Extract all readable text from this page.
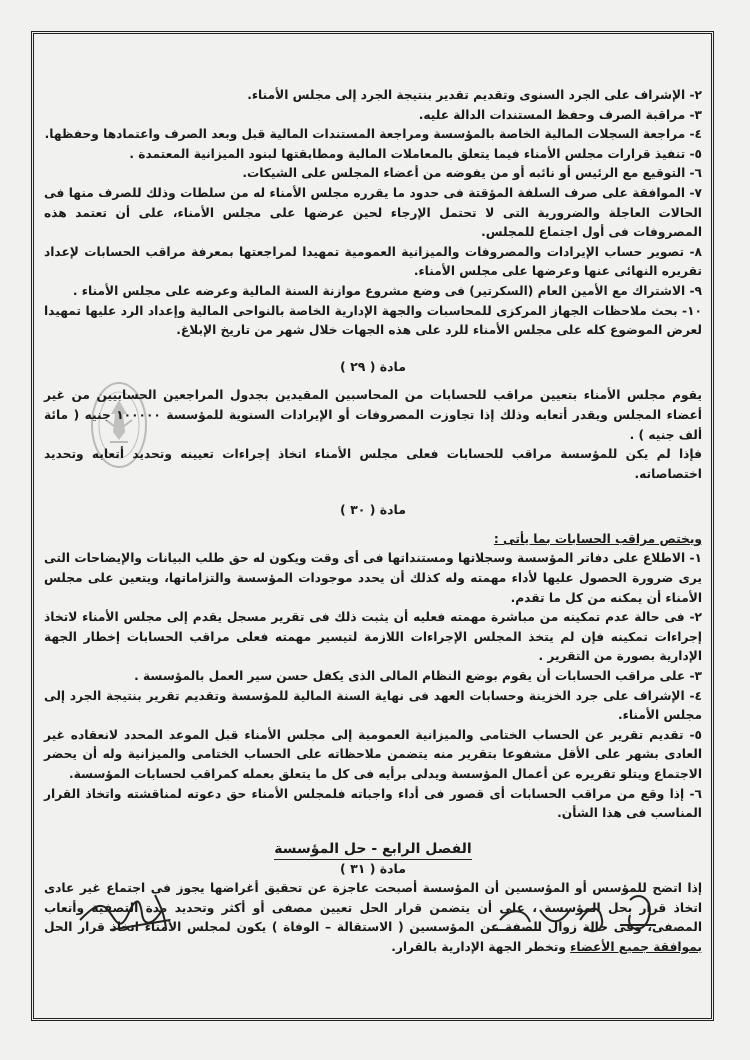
٢- الإشراف على الجرد السنوى وتقديم تقدير بنتيجة الجرد إلى مجلس الأمناء.

٣- مراقبة الصرف وحفظ المستندات الدالة عليه.

٤- مراجعة السجلات المالية الخاصة بالمؤسسة ومراجعة المستندات المالية قبل وبعد الصرف واعتمادها وحفظها.

٥- تنفيذ قرارات مجلس الأمناء فيما يتعلق بالمعاملات المالية ومطابقتها لبنود الميزانية المعتمدة .

٦- التوقيع مع الرئيس أو نائبه أو من يفوضه من أعضاء المجلس على الشيكات.

٧- الموافقة على صرف السلفة المؤقتة فى حدود ما يقرره مجلس الأمناء له من سلطات وذلك للصرف منها فى الحالات العاجلة والضرورية التى لا تحتمل الإرجاء لحين عرضها على مجلس الأمناء، على أن تعتمد هذه المصروفات فى أول اجتماع للمجلس.

٨- تصوير حساب الإيرادات والمصروفات والميزانية العمومية تمهيدا لمراجعتها بمعرفة مراقب الحسابات لإعداد تقريره النهائى عنها وعرضها على مجلس الأمناء.

٩- الاشتراك مع الأمين العام (السكرتير) فى وضع مشروع موازنة السنة المالية وعرضه على مجلس الأمناء .

١٠- بحث ملاحظات الجهاز المركزى للمحاسبات والجهة الإدارية الخاصة بالنواحى المالية وإعداد الرد عليها تمهيدا لعرض الموضوع كله على مجلس الأمناء للرد على هذه الجهات خلال شهر من تاريخ الإبلاغ.

مادة ( ٢٩ )

يقوم مجلس الأمناء بتعيين مراقب للحسابات من المحاسبين المقيدين بجدول المراجعين الحسابيين من غير أعضاء المجلس ويقدر أتعابه وذلك إذا تجاوزت المصروفات أو الإيرادات السنوية للمؤسسة ١٠٠٠٠٠ جنيه ( مائة ألف جنيه ) .

فإذا لم يكن للمؤسسة مراقب للحسابات فعلى مجلس الأمناء اتخاذ إجراءات تعيينه وتحديد أتعابه وتحديد اختصاصاته.

مادة ( ٣٠ )

ويختص مراقب الحسابات بما يأتى :

١- الاطلاع على دفاتر المؤسسة وسجلاتها ومستنداتها فى أى وقت ويكون له حق طلب البيانات والإيضاحات التى يرى ضرورة الحصول عليها لأداء مهمته وله كذلك أن يحدد موجودات المؤسسة والتزاماتها، ويتعين على مجلس الأمناء أن يمكنه من كل ما تقدم.

٢- فى حالة عدم تمكينه من مباشرة مهمته فعليه أن يثبت ذلك فى تقرير مسجل يقدم إلى مجلس الأمناء لاتخاذ إجراءات تمكينه فإن لم يتخذ المجلس الإجراءات اللازمة لتيسير مهمته فعلى مراقب الحسابات إخطار الجهة الإدارية بصورة من التقرير .

٣- على مراقب الحسابات أن يقوم بوضع النظام المالى الذى يكفل حسن سير العمل بالمؤسسة .

٤- الإشراف على جرد الخزينة وحسابات العهد فى نهاية السنة المالية للمؤسسة وتقديم تقرير بنتيجة الجرد إلى مجلس الأمناء.

٥- تقديم تقرير عن الحساب الختامى والميزانية العمومية إلى مجلس الأمناء قبل الموعد المحدد لانعقاده غير العادى بشهر على الأقل مشفوعا بتقرير منه يتضمن ملاحظاته على الحساب الختامى والميزانية وله أن يحضر الاجتماع ويتلو تقريره عن أعمال المؤسسة ويدلى برأيه فى كل ما يتعلق بعمله كمراقب لحسابات المؤسسة.

٦- إذا وقع من مراقب الحسابات أى قصور فى أداء واجباته فلمجلس الأمناء حق دعوته لمناقشته واتخاذ القرار المناسب فى هذا الشأن.

الفصل الرابع - حل المؤسسة

مادة ( ٣١ )

إذا اتضح للمؤسس أو المؤسسين أن المؤسسة أصبحت عاجزة عن تحقيق أغراضها يجوز فى اجتماع غير عادى اتخاذ قرار بحل المؤسسة ، على أن يتضمن قرار الحل تعيين مصفى أو أكثر وتحديد مدة التصفية وأتعاب المصفى، وفى حالة زوال الصفة عن المؤسسين ( الاستقالة – الوفاة ) يكون لمجلس الأمناء اتخاذ قرار الحل بموافقة جميع الأعضاء وتخطر الجهة الإدارية بالقرار.
